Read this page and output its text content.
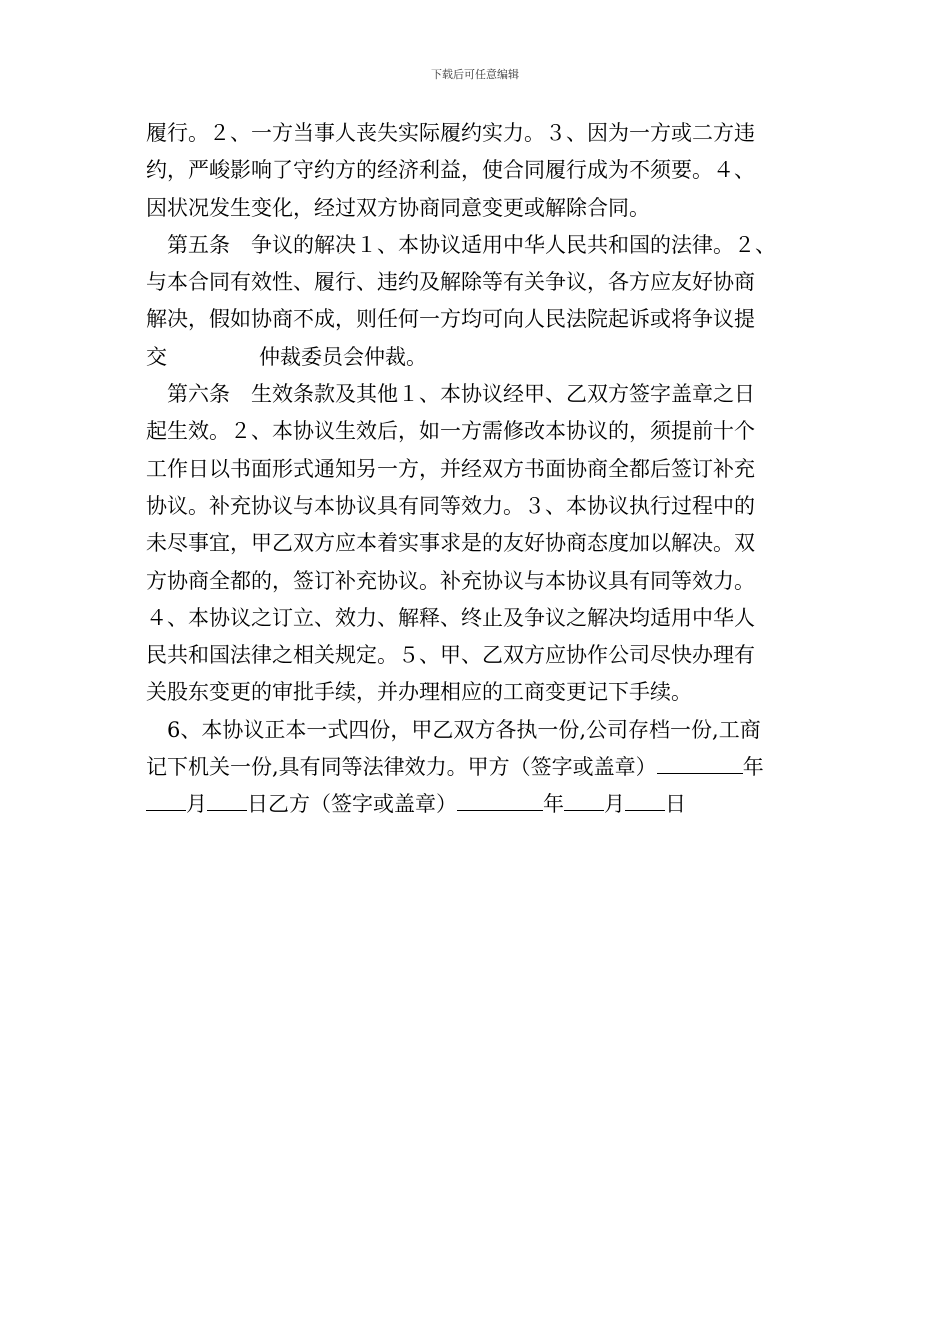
下载后可任意编辑
履行。２、一方当事人丧失实际履约实力。３、因为一方或二方违
约，严峻影响了守约方的经济利益，使合同履行成为不须要。４、
因状况发生变化，经过双方协商同意变更或解除合同。
第五条　争议的解决１、本协议适用中华人民共和国的法律。２、
与本合同有效性、履行、违约及解除等有关争议，各方应友好协商
解决，假如协商不成，则任何一方均可向人民法院起诉或将争议提
交	仲裁委员会仲裁。
第六条　生效条款及其他１、本协议经甲、乙双方签字盖章之日
起生效。２、本协议生效后，如一方需修改本协议的，须提前十个
工作日以书面形式通知另一方，并经双方书面协商全都后签订补充
协议。补充协议与本协议具有同等效力。３、本协议执行过程中的
未尽事宜，甲乙双方应本着实事求是的友好协商态度加以解决。双
方协商全都的，签订补充协议。补充协议与本协议具有同等效力。
４、本协议之订立、效力、解释、终止及争议之解决均适用中华人
民共和国法律之相关规定。５、甲、乙双方应协作公司尽快办理有
关股东变更的审批手续，并办理相应的工商变更记下手续。
6、本协议正本一式四份，甲乙双方各执一份,公司存档一份,工商
记下机关一份,具有同等法律效力。甲方（签字或盖章）	年
月 日乙方（签字或盖章）	年 月 日
